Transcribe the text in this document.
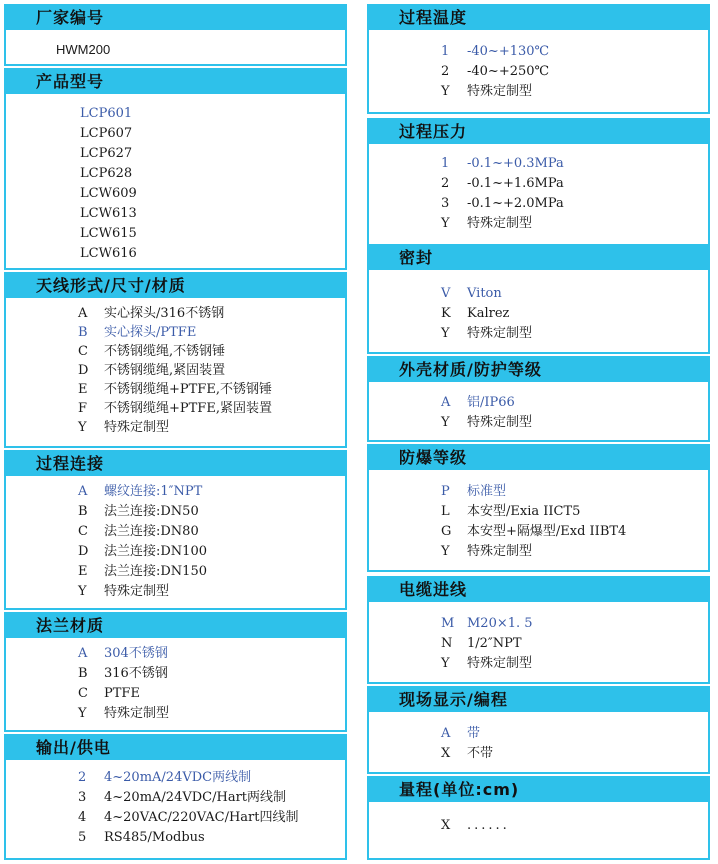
厂家编号
HWM200
产品型号
LCP601
LCP607
LCP627
LCP628
LCW609
LCW613
LCW615
LCW616
天线形式/尺寸/材质
A	实心探头/316不锈钢
B	实心探头/PTFE
C	不锈钢缆绳,不锈钢锤
D	不锈钢缆绳,紧固装置
E	不锈钢缆绳+PTFE,不锈钢锤
F	不锈钢缆绳+PTFE,紧固装置
Y	特殊定制型
过程连接
A	螺纹连接:1″NPT
B	法兰连接:DN50
C	法兰连接:DN80
D	法兰连接:DN100
E	法兰连接:DN150
Y	特殊定制型
法兰材质
A	304不锈钢
B	316不锈钢
C	PTFE
Y	特殊定制型
输出/供电
2	4~20mA/24VDC两线制
3	4~20mA/24VDC/Hart两线制
4	4~20VAC/220VAC/Hart四线制
5	RS485/Modbus
过程温度
1	-40~+130℃
2	-40~+250℃
Y	特殊定制型
过程压力
1	-0.1~+0.3MPa
2	-0.1~+1.6MPa
3	-0.1~+2.0MPa
Y	特殊定制型
密封
V	Viton
K	Kalrez
Y	特殊定制型
外壳材质/防护等级
A	铝/IP66
Y	特殊定制型
防爆等级
P	标准型
L	本安型/Exia IICT5
G	本安型+隔爆型/Exd IIBT4
Y	特殊定制型
电缆进线
M M20×1. 5
N	1/2″NPT
Y	特殊定制型
现场显示/编程
A	带
X	不带
量程(单位:cm)
X	......
